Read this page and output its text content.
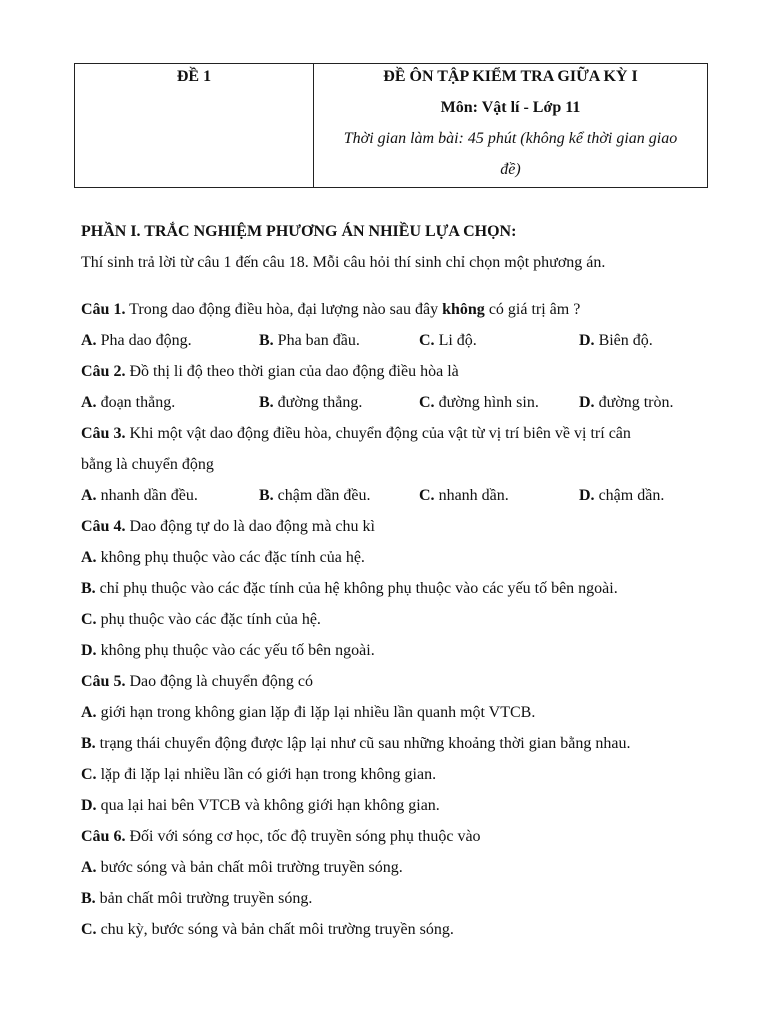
ĐỀ 1	ĐỀ ÔN TẬP KIỂM TRA GIỮA KỲ I
Môn: Vật lí - Lớp 11
Thời gian làm bài: 45 phút (không kể thời gian giao
đề)
PHẦN I. TRẮC NGHIỆM PHƯƠNG ÁN NHIỀU LỰA CHỌN:
Thí sinh trả lời từ câu 1 đến câu 18. Mỗi câu hỏi thí sinh chỉ chọn một phương án.
Câu 1. Trong dao động điều hòa, đại lượng nào sau đây không có giá trị âm ?
A. Pha dao động.	B. Pha ban đầu.	C. Li độ.	D. Biên độ.
Câu 2. Đồ thị li độ theo thời gian của dao động điều hòa là
A. đoạn thẳng.	B. đường thẳng.	C. đường hình sin.	D. đường tròn.
Câu 3. Khi một vật dao động điều hòa, chuyển động của vật từ vị trí biên về vị trí cân
bằng là chuyển động
A. nhanh dần đều.	B. chậm dần đều.	C. nhanh dần.	D. chậm dần.
Câu 4. Dao động tự do là dao động mà chu kì
A. không phụ thuộc vào các đặc tính của hệ.
B. chỉ phụ thuộc vào các đặc tính của hệ không phụ thuộc vào các yếu tố bên ngoài.
C. phụ thuộc vào các đặc tính của hệ.
D. không phụ thuộc vào các yếu tố bên ngoài.
Câu 5. Dao động là chuyển động có
A. giới hạn trong không gian lặp đi lặp lại nhiều lần quanh một VTCB.
B. trạng thái chuyển động được lập lại như cũ sau những khoảng thời gian bằng nhau.
C. lặp đi lặp lại nhiều lần có giới hạn trong không gian.
D. qua lại hai bên VTCB và không giới hạn không gian.
Câu 6. Đối với sóng cơ học, tốc độ truyền sóng phụ thuộc vào
A. bước sóng và bản chất môi trường truyền sóng.
B. bản chất môi trường truyền sóng.
C. chu kỳ, bước sóng và bản chất môi trường truyền sóng.
